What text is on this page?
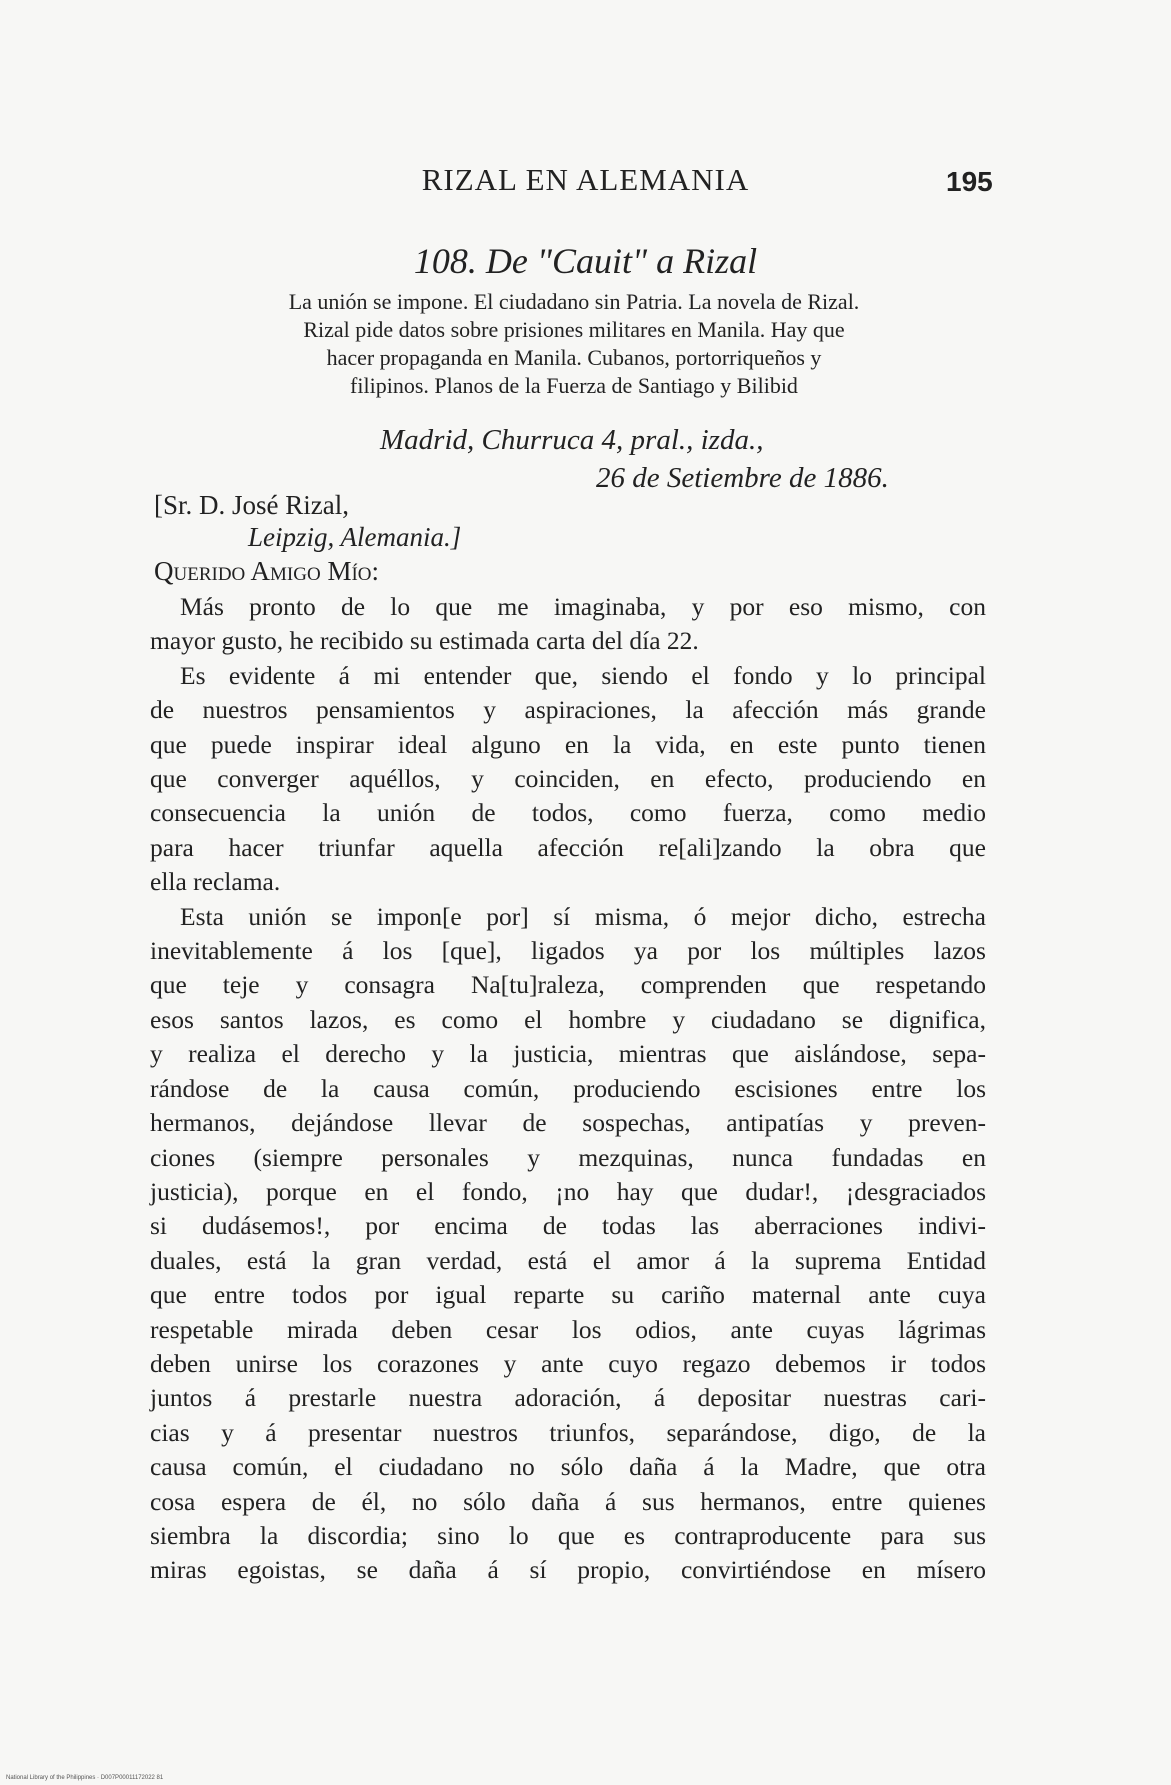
RIZAL EN ALEMANIA	195
108. De "Cauit" a Rizal
La unión se impone. El ciudadano sin Patria. La novela de Rizal.
Rizal pide datos sobre prisiones militares en Manila. Hay que
hacer propaganda en Manila. Cubanos, portorriqueños y
filipinos. Planos de la Fuerza de Santiago y Bilibid
Madrid, Churruca 4, pral., izda.,
26 de Setiembre de 1886.
[Sr. D. José Rizal,
Leipzig, Alemania.]
Querido Amigo Mío:
Más pronto de lo que me imaginaba, y por eso mismo, con
mayor gusto, he recibido su estimada carta del día 22.
Es evidente á mi entender que, siendo el fondo y lo principal
de nuestros pensamientos y aspiraciones, la afección más grande
que puede inspirar ideal alguno en la vida, en este punto tienen
que converger aquéllos, y coinciden, en efecto, produciendo en
consecuencia la unión de todos, como fuerza, como medio
para hacer triunfar aquella afección re[ali]zando la obra que
ella reclama.
Esta unión se impon[e por] sí misma, ó mejor dicho, estrecha
inevitablemente á los [que], ligados ya por los múltiples lazos
que teje y consagra Na[tu]raleza, comprenden que respetando
esos santos lazos, es como el hombre y ciudadano se dignifica,
y realiza el derecho y la justicia, mientras que aislándose, sepa-
rándose de la causa común, produciendo escisiones entre los
hermanos, dejándose llevar de sospechas, antipatías y preven-
ciones (siempre personales y mezquinas, nunca fundadas en
justicia), porque en el fondo, ¡no hay que dudar!, ¡desgraciados
si dudásemos!, por encima de todas las aberraciones indivi-
duales, está la gran verdad, está el amor á la suprema Entidad
que entre todos por igual reparte su cariño maternal ante cuya
respetable mirada deben cesar los odios, ante cuyas lágrimas
deben unirse los corazones y ante cuyo regazo debemos ir todos
juntos á prestarle nuestra adoración, á depositar nuestras cari-
cias y á presentar nuestros triunfos, separándose, digo, de la
causa común, el ciudadano no sólo daña á la Madre, que otra
cosa espera de él, no sólo daña á sus hermanos, entre quienes
siembra la discordia; sino lo que es contraproducente para sus
miras egoistas, se daña á sí propio, convirtiéndose en mísero
National Library of the Philippines · D007P00011172022 81
